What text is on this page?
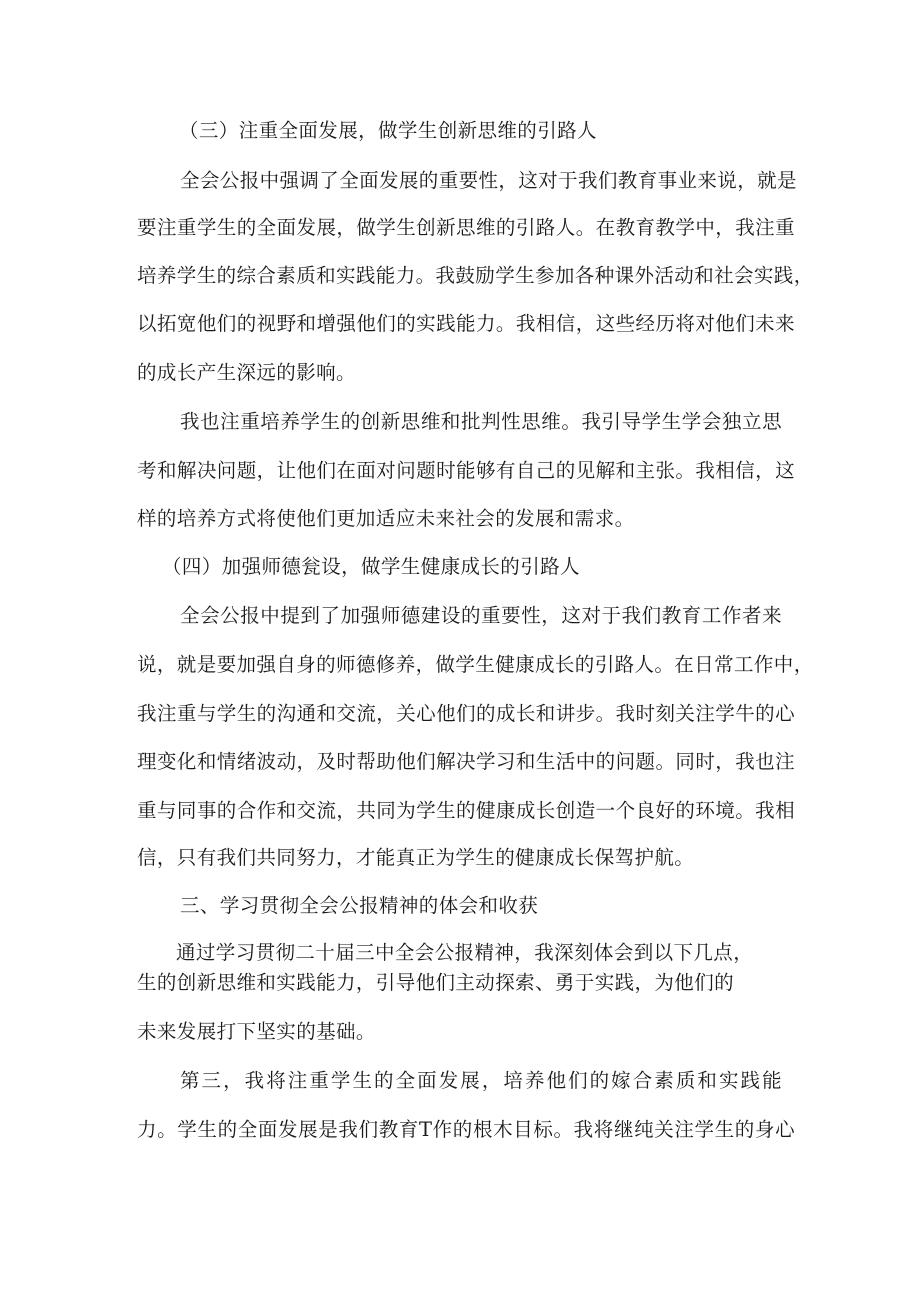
（三）注重全面发展，做学生创新思维的引路人
全会公报中强调了全面发展的重要性，这对于我们教育事业来说，就是
要注重学生的全面发展，做学生创新思维的引路人。在教育教学中，我注重
培养学生的综合素质和实践能力。我鼓励学生参加各种课外活动和社会实践，
以拓宽他们的视野和增强他们的实践能力。我相信，这些经历将对他们未来
的成长产生深远的影响。
我也注重培养学生的创新思维和批判性思维。我引导学生学会独立思
考和解决问题，让他们在面对问题时能够有自己的见解和主张。我相信，这
样的培养方式将使他们更加适应未来社会的发展和需求。
（四）加强师德瓮设，做学生健康成长的引路人
全会公报中提到了加强师德建设的重要性，这对于我们教育工作者来
说，就是要加强自身的师德修养，做学生健康成长的引路人。在日常工作中，
我注重与学生的沟通和交流，关心他们的成长和讲步。我时刻关注学牛的心
理变化和情绪波动，及时帮助他们解决学习和生活中的问题。同时，我也注
重与同事的合作和交流，共同为学生的健康成长创造一个良好的环境。我相
信，只有我们共同努力，才能真正为学生的健康成长保驾护航。
三、学习贯彻全会公报精神的体会和收获
通过学习贯彻二十届三中全会公报精神，我深刻体会到以下几点，
生的创新思维和实践能力，引导他们主动探索、勇于实践，为他们的
未来发展打下坚实的基础。
第三，我将注重学生的全面发展，培养他们的嫁合素质和实践能
力。学生的全面发展是我们教育T作的根木目标。我将继纯关注学生的身心
